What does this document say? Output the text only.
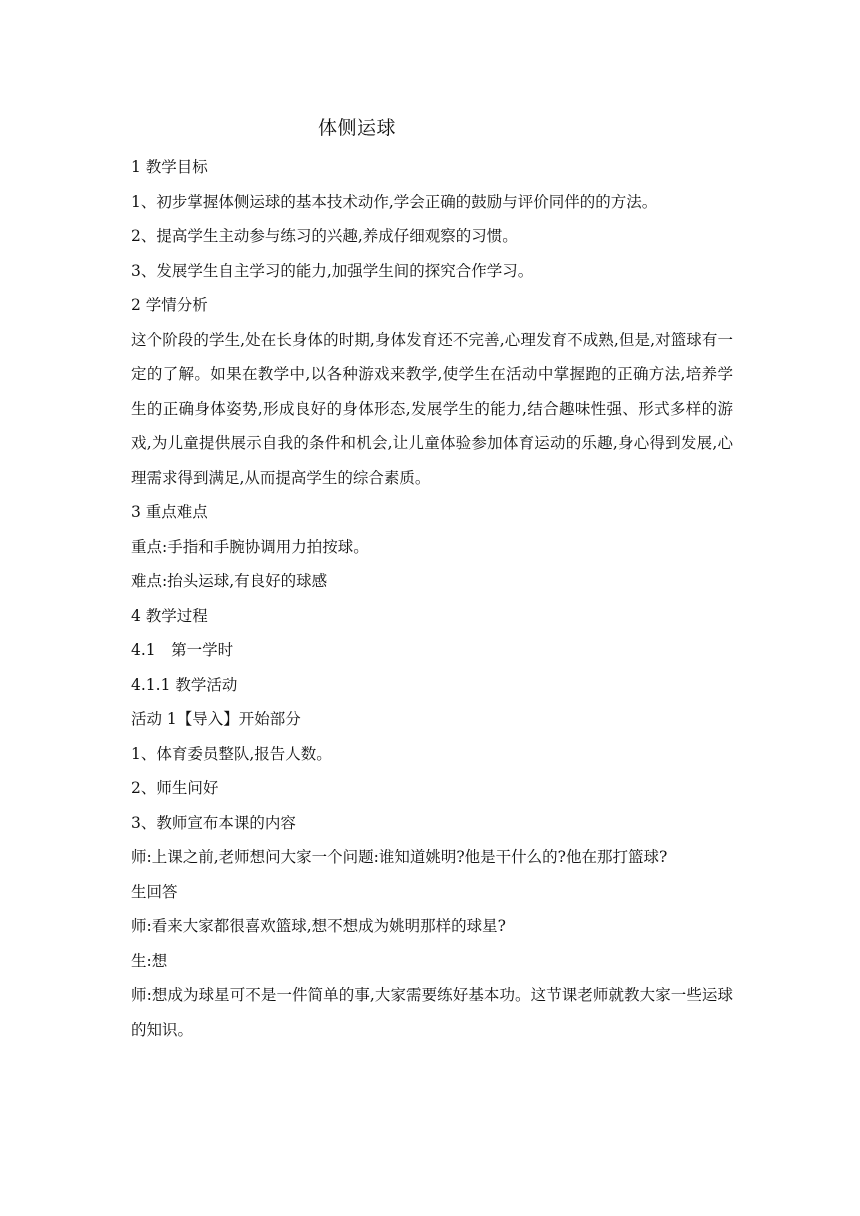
体侧运球

1 教学目标

1、初步掌握体侧运球的基本技术动作,学会正确的鼓励与评价同伴的的方法。

2、提高学生主动参与练习的兴趣,养成仔细观察的习惯。

3、发展学生自主学习的能力,加强学生间的探究合作学习。

2 学情分析

这个阶段的学生,处在长身体的时期,身体发育还不完善,心理发育不成熟,但是,对篮球有一定的了解。如果在教学中,以各种游戏来教学,使学生在活动中掌握跑的正确方法,培养学生的正确身体姿势,形成良好的身体形态,发展学生的能力,结合趣味性强、形式多样的游戏,为儿童提供展示自我的条件和机会,让儿童体验参加体育运动的乐趣,身心得到发展,心理需求得到满足,从而提高学生的综合素质。

3 重点难点

重点:手指和手腕协调用力拍按球。

难点:抬头运球,有良好的球感

4 教学过程

4.1　第一学时

4.1.1 教学活动

活动 1【导入】开始部分

1、体育委员整队,报告人数。

2、师生问好

3、教师宣布本课的内容

师:上课之前,老师想问大家一个问题:谁知道姚明?他是干什么的?他在那打篮球?

生回答

师:看来大家都很喜欢篮球,想不想成为姚明那样的球星?

生:想

师:想成为球星可不是一件简单的事,大家需要练好基本功。这节课老师就教大家一些运球的知识。
